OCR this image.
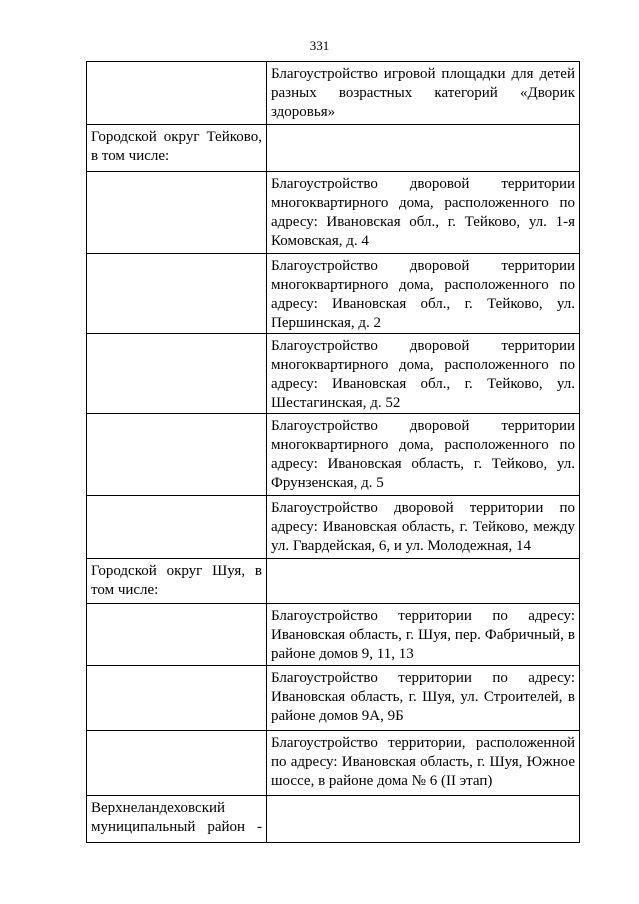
331
	Благоустройство игровой площадки для детей разных возрастных категорий «Дворик здоровья»
Городской округ Тейково, в том числе:	
	Благоустройство дворовой территории многоквартирного дома, расположенного по адресу: Ивановская обл., г. Тейково, ул. 1-я Комовская, д. 4
	Благоустройство дворовой территории многоквартирного дома, расположенного по адресу: Ивановская обл., г. Тейково, ул. Першинская, д. 2
	Благоустройство дворовой территории многоквартирного дома, расположенного по адресу: Ивановская обл., г. Тейково, ул. Шестагинская, д. 52
	Благоустройство дворовой территории многоквартирного дома, расположенного по адресу: Ивановская область, г. Тейково, ул. Фрунзенская, д. 5
	Благоустройство дворовой территории по адресу: Ивановская область, г. Тейково, между ул. Гвардейская, 6, и ул. Молодежная, 14
Городской округ Шуя, в том числе:	
	Благоустройство территории по адресу: Ивановская область, г. Шуя, пер. Фабричный, в районе домов 9, 11, 13
	Благоустройство территории по адресу: Ивановская область, г. Шуя, ул. Строителей, в районе домов 9А, 9Б
	Благоустройство территории, расположенной по адресу: Ивановская область, г. Шуя, Южное шоссе, в районе дома № 6 (II этап)
Верхнеландеховский муниципальный район -	
